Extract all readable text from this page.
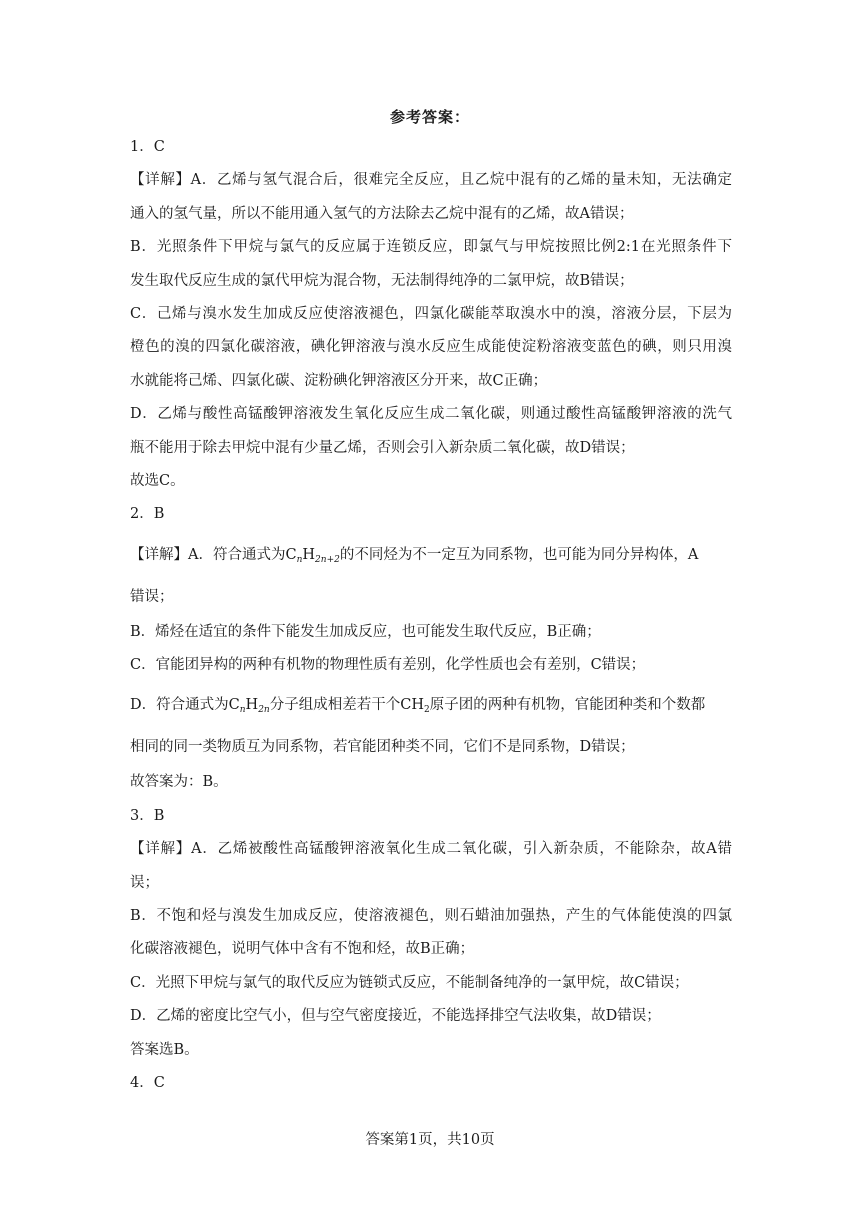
参考答案：
1．C
【详解】A．乙烯与氢气混合后，很难完全反应，且乙烷中混有的乙烯的量未知，无法确定
通入的氢气量，所以不能用通入氢气的方法除去乙烷中混有的乙烯，故A错误；
B．光照条件下甲烷与氯气的反应属于连锁反应，即氯气与甲烷按照比例2:1在光照条件下
发生取代反应生成的氯代甲烷为混合物，无法制得纯净的二氯甲烷，故B错误；
C．己烯与溴水发生加成反应使溶液褪色，四氯化碳能萃取溴水中的溴，溶液分层，下层为
橙色的溴的四氯化碳溶液，碘化钾溶液与溴水反应生成能使淀粉溶液变蓝色的碘，则只用溴
水就能将己烯、四氯化碳、淀粉碘化钾溶液区分开来，故C正确；
D．乙烯与酸性高锰酸钾溶液发生氧化反应生成二氧化碳，则通过酸性高锰酸钾溶液的洗气
瓶不能用于除去甲烷中混有少量乙烯，否则会引入新杂质二氧化碳，故D错误；
故选C。
2．B
【详解】A．符合通式为$C_nH_{2n+2}$的不同烃为不一定互为同系物，也可能为同分异构体，A
错误；
B．烯烃在适宜的条件下能发生加成反应，也可能发生取代反应，B正确；
C．官能团异构的两种有机物的物理性质有差别，化学性质也会有差别，C错误；
D．符合通式为$C_nH_{2n}$分子组成相差若干个$CH_2$原子团的两种有机物，官能团种类和个数都
相同的同一类物质互为同系物，若官能团种类不同，它们不是同系物，D错误；
故答案为：B。
3．B
【详解】A．乙烯被酸性高锰酸钾溶液氧化生成二氧化碳，引入新杂质，不能除杂，故A错
误；
B．不饱和烃与溴发生加成反应，使溶液褪色，则石蜡油加强热，产生的气体能使溴的四氯
化碳溶液褪色，说明气体中含有不饱和烃，故B正确；
C．光照下甲烷与氯气的取代反应为链锁式反应，不能制备纯净的一氯甲烷，故C错误；
D．乙烯的密度比空气小，但与空气密度接近，不能选择排空气法收集，故D错误；
答案选B。
4．C
答案第1页，共10页
